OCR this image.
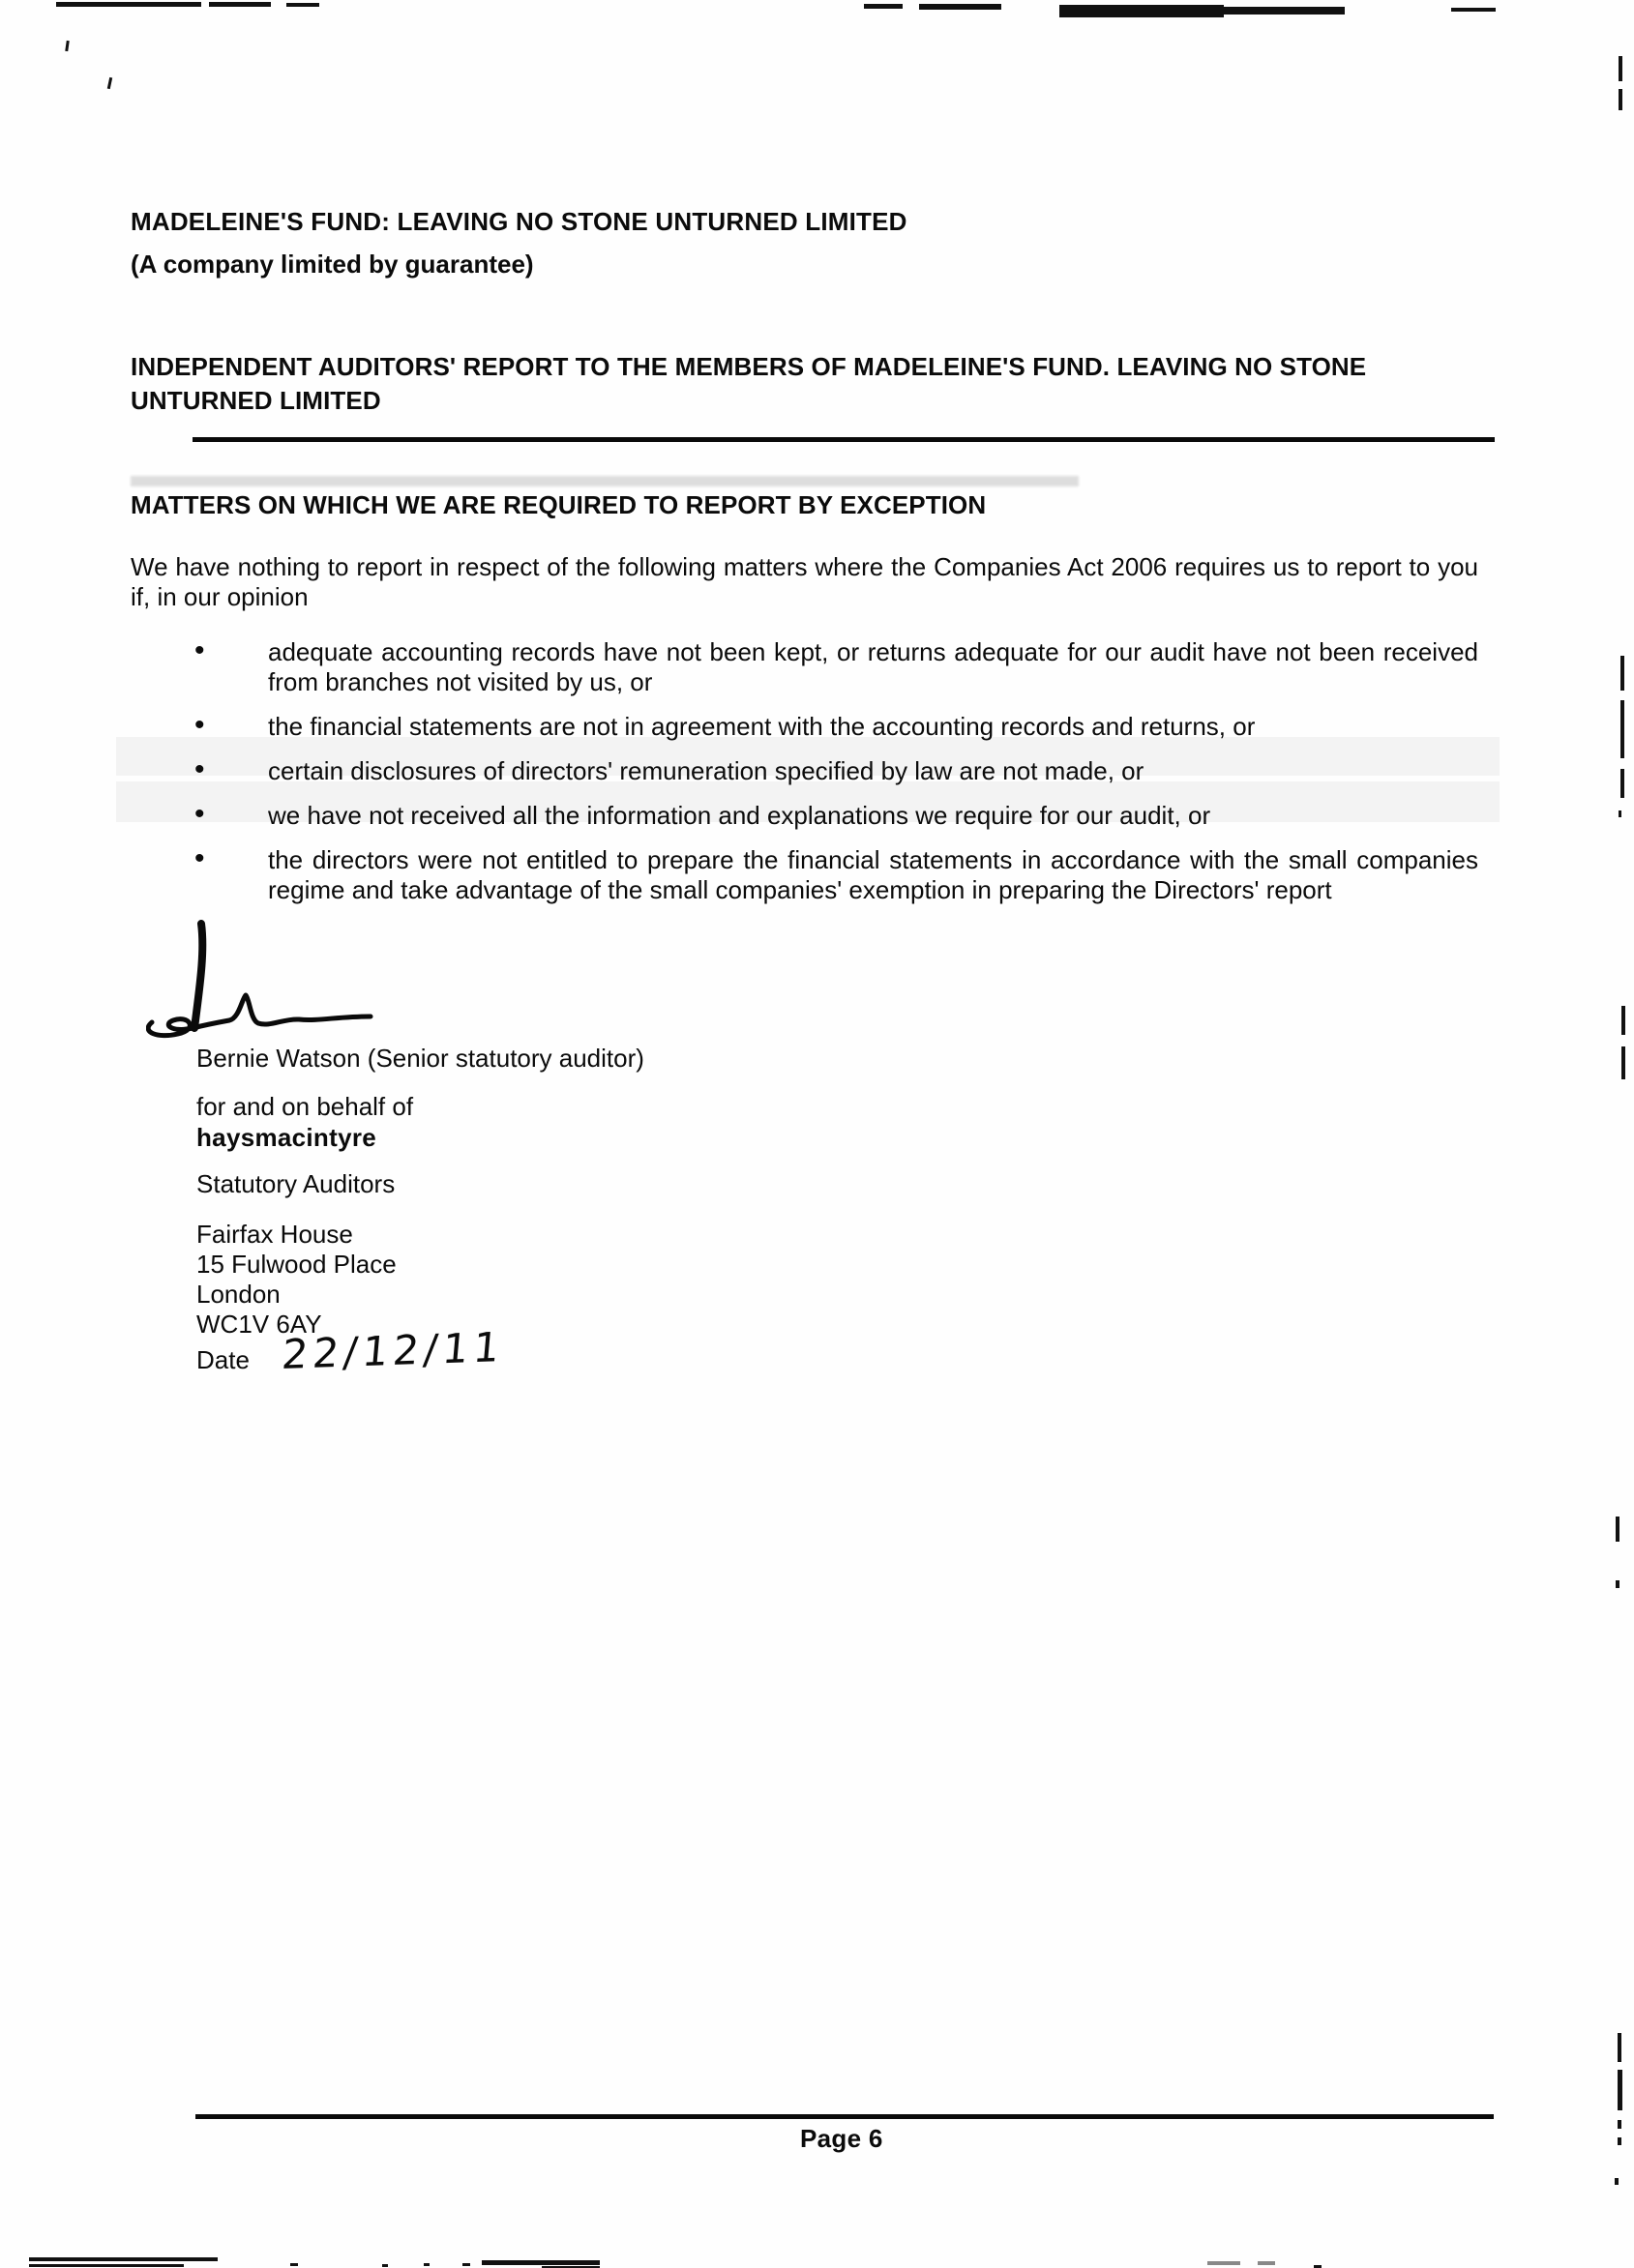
MADELEINE'S FUND: LEAVING NO STONE UNTURNED LIMITED
(A company limited by guarantee)
INDEPENDENT AUDITORS' REPORT TO THE MEMBERS OF MADELEINE'S FUND. LEAVING NO STONE UNTURNED LIMITED
MATTERS ON WHICH WE ARE REQUIRED TO REPORT BY EXCEPTION

We have nothing to report in respect of the following matters where the Companies Act 2006 requires us to report to you if, in our opinion

• adequate accounting records have not been kept, or returns adequate for our audit have not been received from branches not visited by us, or
• the financial statements are not in agreement with the accounting records and returns, or
• certain disclosures of directors' remuneration specified by law are not made, or
• we have not received all the information and explanations we require for our audit, or
• the directors were not entitled to prepare the financial statements in accordance with the small companies regime and take advantage of the small companies' exemption in preparing the Directors' report
Bernie Watson (Senior statutory auditor)
for and on behalf of
haysmacintyre
Statutory Auditors
Fairfax House
15 Fulwood Place
London
WC1V 6AY
Date 22/12/11
Page 6
